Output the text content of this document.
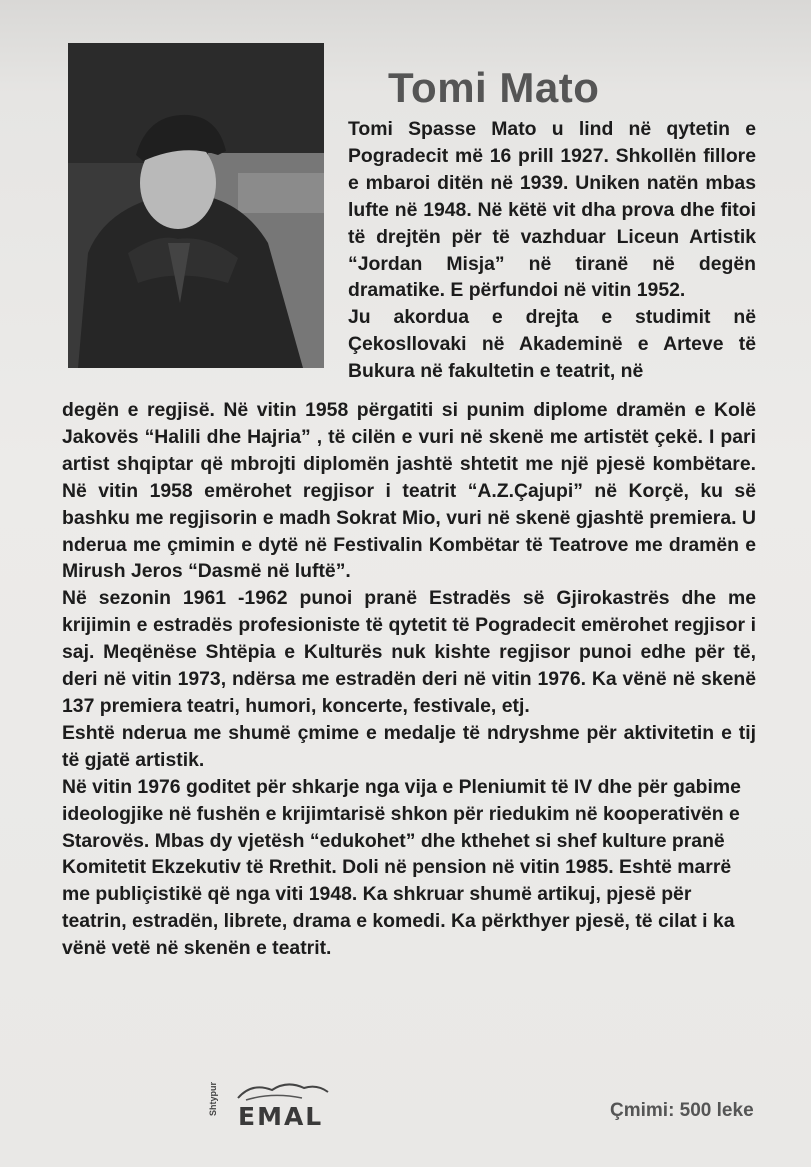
Tomi Mato

Tomi Spasse Mato u lind në qytetin e Pogradecit më 16 prill 1927. Shkollën fillore e mbaroi ditën në 1939. Uniken natën mbas lufte në 1948. Në këtë vit dha prova dhe fitoi të drejtën për të vazhduar Liceun Artistik “Jordan Misja” në tiranë në degën dramatike. E përfundoi në vitin 1952.

Ju akordua e drejta e studimit në Çekosllovaki në Akademinë e Arteve të Bukura në fakultetin e teatrit, në

degën e regjisë. Në vitin 1958 përgatiti si punim diplome dramën e Kolë Jakovës “Halili dhe Hajria” , të cilën e vuri në skenë me artistët çekë. I pari artist shqiptar që mbrojti diplomën jashtë shtetit me një pjesë kombëtare. Në vitin 1958 emërohet regjisor i teatrit “A.Z.Çajupi” në Korçë, ku së bashku me regjisorin e madh Sokrat Mio, vuri në skenë gjashtë premiera. U nderua me çmimin e dytë në Festivalin Kombëtar të Teatrove me dramën e Mirush Jeros “Dasmë në luftë”.

Në sezonin 1961 -1962 punoi pranë Estradës së Gjirokastrës dhe me krijimin e estradës profesioniste të qytetit të Pogradecit emërohet regjisor i saj. Meqënëse Shtëpia e Kulturës nuk kishte regjisor punoi edhe për të, deri në vitin 1973, ndërsa me estradën deri në vitin 1976. Ka vënë në skenë 137 premiera teatri, humori, koncerte, festivale, etj.

Eshtë nderua me shumë çmime e medalje të ndryshme për aktivitetin e tij të gjatë artistik.

Në vitin 1976 goditet për shkarje nga vija e Pleniumit të IV dhe për gabime ideologjike në fushën e krijimtarisë shkon për riedukim në kooperativën e Starovës. Mbas dy vjetësh “edukohet” dhe kthehet si shef kulture pranë Komitetit Ekzekutiv të Rrethit. Doli në pension në vitin 1985. Eshtë marrë me publiçistikë që nga viti 1948. Ka shkruar shumë artikuj, pjesë për teatrin, estradën, librete, drama e komedi. Ka përkthyer pjesë, të cilat i ka vënë vetë në skenën e teatrit.

Shtypur
EMAL	Çmimi: 500 leke
